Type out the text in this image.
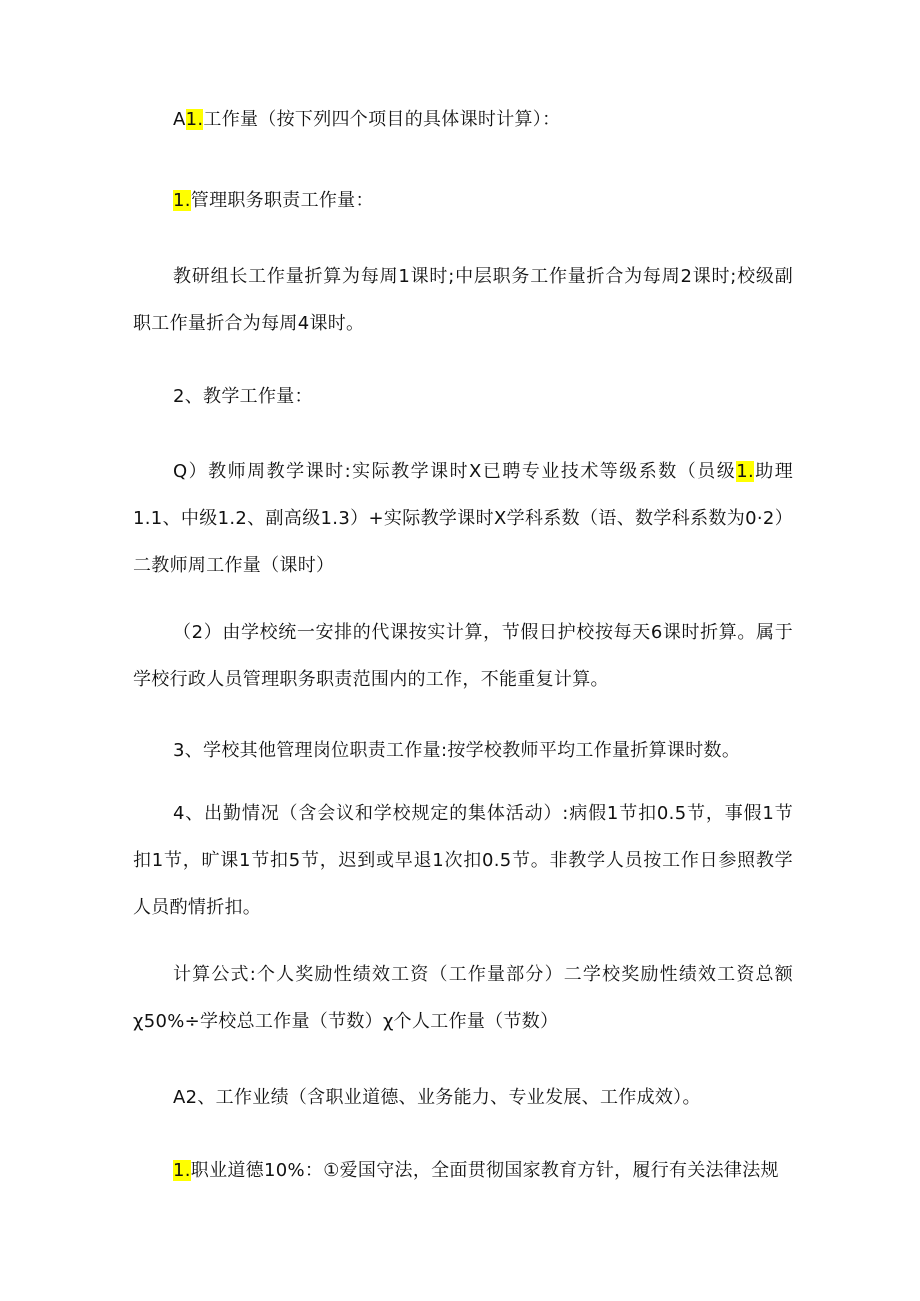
A1.工作量（按下列四个项目的具体课时计算）：

1.管理职务职责工作量：

教研组长工作量折算为每周1课时;中层职务工作量折合为每周2课时;校级副职工作量折合为每周4课时。

2、教学工作量：

Q）教师周教学课时:实际教学课时X已聘专业技术等级系数（员级1.助理1.1、中级1.2、副高级1.3）+实际教学课时X学科系数（语、数学科系数为0·2）二教师周工作量（课时）

（2）由学校统一安排的代课按实计算，节假日护校按每天6课时折算。属于学校行政人员管理职务职责范围内的工作，不能重复计算。

3、学校其他管理岗位职责工作量:按学校教师平均工作量折算课时数。

4、出勤情况（含会议和学校规定的集体活动）:病假1节扣0.5节，事假1节扣1节，旷课1节扣5节，迟到或早退1次扣0.5节。非教学人员按工作日参照教学人员酌情折扣。

计算公式:个人奖励性绩效工资（工作量部分）二学校奖励性绩效工资总额χ50%÷学校总工作量（节数）χ个人工作量（节数）

A2、工作业绩（含职业道德、业务能力、专业发展、工作成效）。

1.职业道德10%：①爱国守法，全面贯彻国家教育方针，履行有关法律法规
